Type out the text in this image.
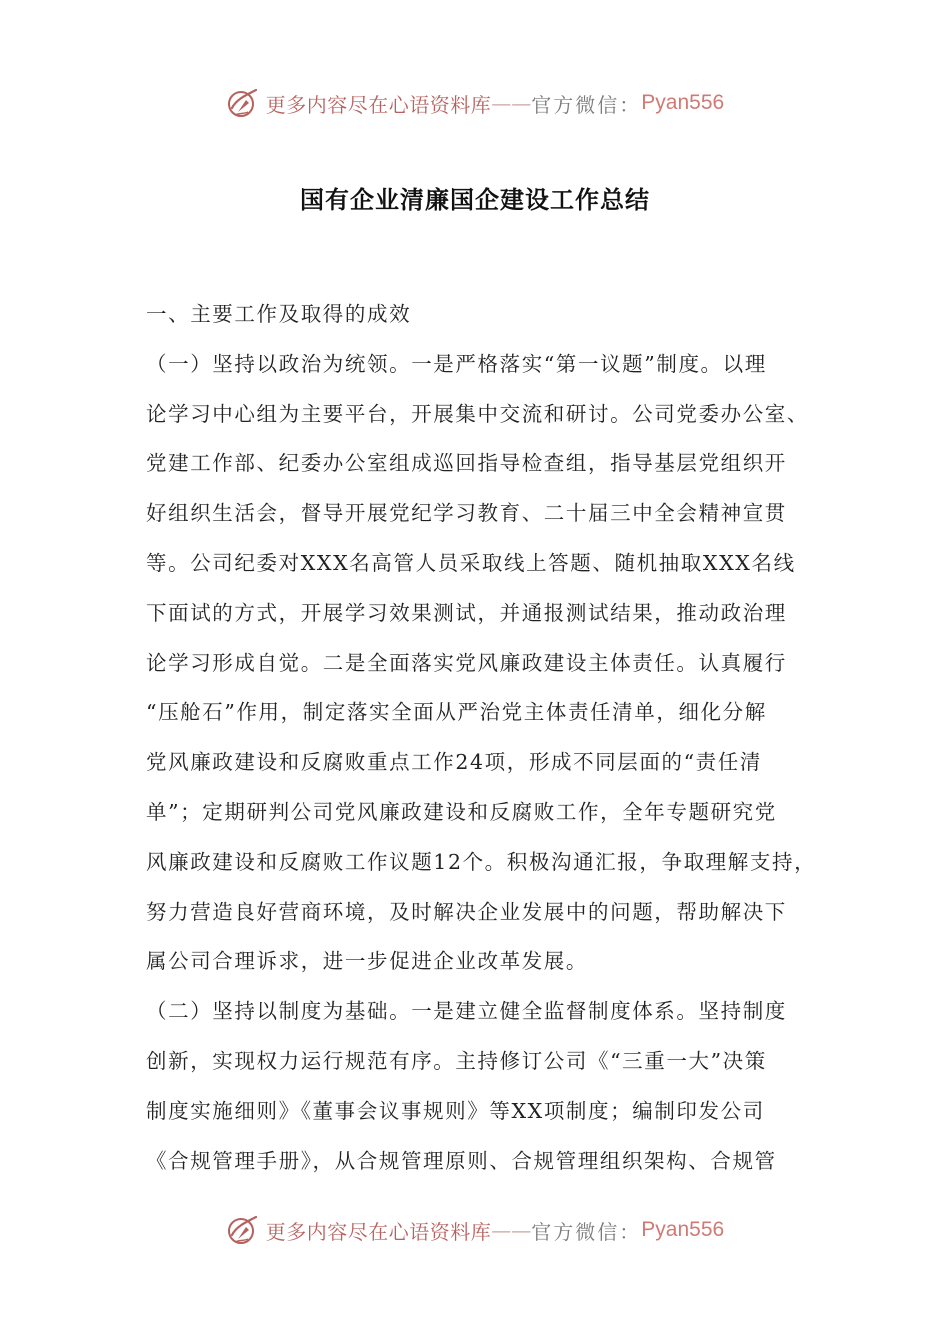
更多内容尽在心语资料库 —— 官方微信： Pyan556
国有企业清廉国企建设工作总结
一、主要工作及取得的成效
（一）坚持以政治为统领。一是严格落实“第一议题”制度。以理
论学习中心组为主要平台，开展集中交流和研讨。公司党委办公室、
党建工作部、纪委办公室组成巡回指导检查组，指导基层党组织开
好组织生活会，督导开展党纪学习教育、二十届三中全会精神宣贯
等。公司纪委对XXX名高管人员采取线上答题、随机抽取XXX名线
下面试的方式，开展学习效果测试，并通报测试结果，推动政治理
论学习形成自觉。二是全面落实党风廉政建设主体责任。认真履行
“压舱石”作用，制定落实全面从严治党主体责任清单，细化分解
党风廉政建设和反腐败重点工作24项，形成不同层面的“责任清
单”；定期研判公司党风廉政建设和反腐败工作，全年专题研究党
风廉政建设和反腐败工作议题12个。积极沟通汇报，争取理解支持，
努力营造良好营商环境，及时解决企业发展中的问题，帮助解决下
属公司合理诉求，进一步促进企业改革发展。
（二）坚持以制度为基础。一是建立健全监督制度体系。坚持制度
创新，实现权力运行规范有序。主持修订公司《“三重一大”决策
制度实施细则》《董事会议事规则》等XX项制度；编制印发公司
《合规管理手册》，从合规管理原则、合规管理组织架构、合规管
更多内容尽在心语资料库 —— 官方微信： Pyan556
